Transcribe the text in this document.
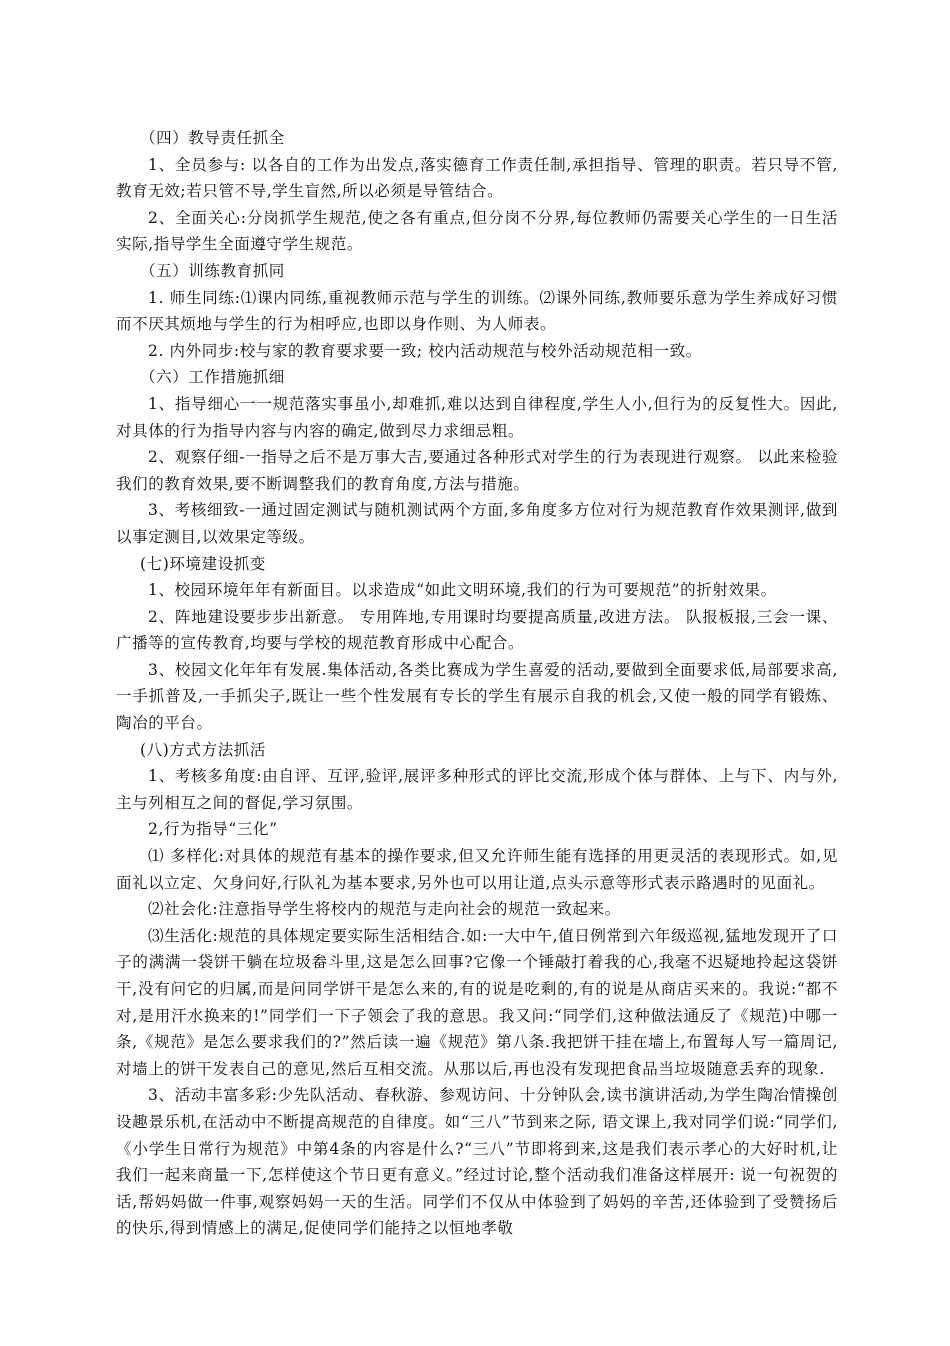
（四）教导责任抓全

1、全员参与: 以各自的工作为出发点,落实德育工作责任制,承担指导、管理的职责。若只导不管,教育无效;若只管不导,学生盲然,所以必须是导管结合。

2、全面关心:分岗抓学生规范,使之各有重点,但分岗不分界,每位教师仍需要关心学生的一日生活实际,指导学生全面遵守学生规范。

（五）训练教育抓同

1. 师生同练:⑴课内同练,重视教师示范与学生的训练。⑵课外同练,教师要乐意为学生养成好习惯而不厌其烦地与学生的行为相呼应,也即以身作则、为人师表。

2. 内外同步:校与家的教育要求要一致; 校内活动规范与校外活动规范相一致。

（六）工作措施抓细

1、指导细心一一规范落实事虽小,却难抓,难以达到自律程度,学生人小,但行为的反复性大。因此,对具体的行为指导内容与内容的确定,做到尽力求细忌粗。

2、观察仔细-一指导之后不是万事大吉,要通过各种形式对学生的行为表现进行观察。 以此来检验我们的教育效果,要不断调整我们的教育角度,方法与措施。

3、考核细致-一通过固定测试与随机测试两个方面,多角度多方位对行为规范教育作效果测评,做到以事定测目,以效果定等级。

(七)环境建设抓变

1、校园环境年年有新面目。以求造成“如此文明环境,我们的行为可要规范”的折射效果。

2、阵地建设要步步出新意。 专用阵地,专用课时均要提高质量,改进方法。 队报板报,三会一课、广播等的宣传教育,均要与学校的规范教育形成中心配合。

3、校园文化年年有发展.集体活动,各类比赛成为学生喜爱的活动,要做到全面要求低,局部要求高,一手抓普及,一手抓尖子,既让一些个性发展有专长的学生有展示自我的机会,又使一般的同学有锻炼、陶冶的平台。

(八)方式方法抓活

1、考核多角度:由自评、互评,验评,展评多种形式的评比交流,形成个体与群体、上与下、内与外,主与列相互之间的督促,学习氛围。

2,行为指导“三化”

⑴ 多样化:对具体的规范有基本的操作要求,但又允许师生能有选择的用更灵活的表现形式。如,见面礼以立定、欠身问好,行队礼为基本要求,另外也可以用让道,点头示意等形式表示路遇时的见面礼。

⑵社会化:注意指导学生将校内的规范与走向社会的规范一致起来。

⑶生活化:规范的具体规定要实际生活相结合.如:一大中午,值日例常到六年级巡视,猛地发现开了口子的满满一袋饼干躺在垃圾畚斗里,这是怎么回事?它像一个锤敲打着我的心,我毫不迟疑地拎起这袋饼干,没有问它的归属,而是问同学饼干是怎么来的,有的说是吃剩的,有的说是从商店买来的。我说:“都不对,是用汗水换来的!”同学们一下子领会了我的意思。我又问:“同学们,这种做法通反了《规范)中哪一条,《规范》是怎么要求我们的?”然后读一遍《规范》第八条.我把饼干挂在墙上,布置每人写一篇周记,对墙上的饼干发表自己的意见,然后互相交流。从那以后,再也没有发现把食品当垃圾随意丢弃的现象.

3、活动丰富多彩:少先队活动、春秋游、参观访问、十分钟队会,读书演讲活动,为学生陶冶情操创设趣景乐机,在活动中不断提高规范的自律度。如“三八”节到来之际, 语文课上,我对同学们说:“同学们,《小学生日常行为规范》中第4条的内容是什么?“三八”节即将到来,这是我们表示孝心的大好时机,让我们一起来商量一下,怎样使这个节日更有意义。”经过讨论,整个活动我们准备这样展开: 说一句祝贺的话,帮妈妈做一件事,观察妈妈一天的生活。同学们不仅从中体验到了妈妈的辛苦,还体验到了受赞扬后的快乐,得到情感上的满足,促使同学们能持之以恒地孝敬
